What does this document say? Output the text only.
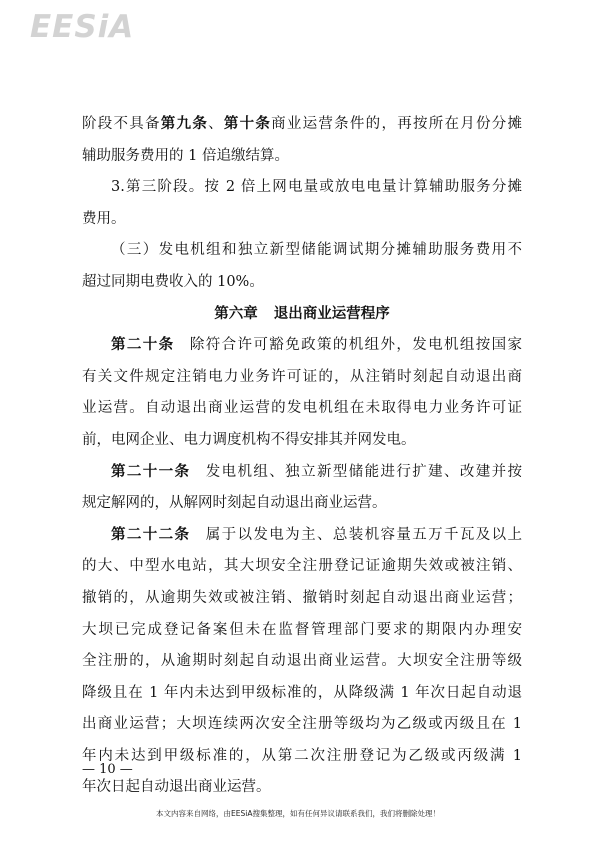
EESiA
阶段不具备第九条、第十条商业运营条件的，再按所在月份分摊
辅助服务费用的 1 倍追缴结算。
3.第三阶段。按 2 倍上网电量或放电电量计算辅助服务分摊
费用。
（三）发电机组和独立新型储能调试期分摊辅助服务费用不
超过同期电费收入的 10%。
第六章 退出商业运营程序
第二十条 除符合许可豁免政策的机组外，发电机组按国家
有关文件规定注销电力业务许可证的，从注销时刻起自动退出商
业运营。自动退出商业运营的发电机组在未取得电力业务许可证
前，电网企业、电力调度机构不得安排其并网发电。
第二十一条 发电机组、独立新型储能进行扩建、改建并按
规定解网的，从解网时刻起自动退出商业运营。
第二十二条 属于以发电为主、总装机容量五万千瓦及以上
的大、中型水电站，其大坝安全注册登记证逾期失效或被注销、
撤销的，从逾期失效或被注销、撤销时刻起自动退出商业运营；
大坝已完成登记备案但未在监督管理部门要求的期限内办理安
全注册的，从逾期时刻起自动退出商业运营。大坝安全注册等级
降级且在 1 年内未达到甲级标准的，从降级满 1 年次日起自动退
出商业运营；大坝连续两次安全注册等级均为乙级或丙级且在 1
年内未达到甲级标准的，从第二次注册登记为乙级或丙级满 1
年次日起自动退出商业运营。
— 10 —
本文内容来自网络，由EESiA搜集整理，如有任何异议请联系我们，我们将删除处理！
